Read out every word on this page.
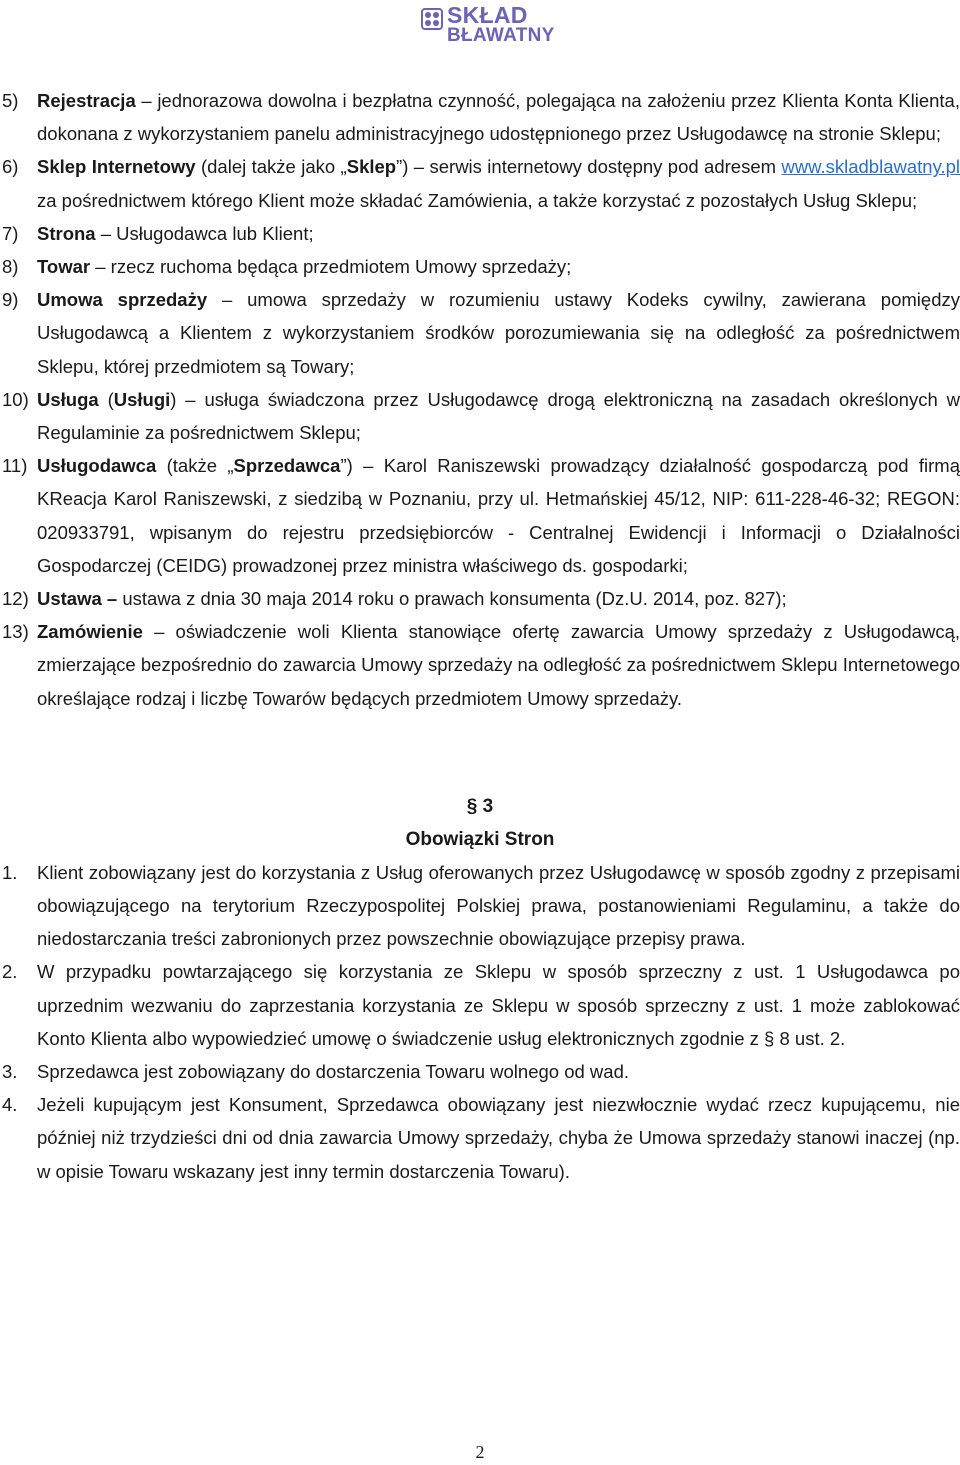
SKŁAD
BŁAWATNY
5) Rejestracja – jednorazowa dowolna i bezpłatna czynność, polegająca na założeniu przez Klienta Konta Klienta, dokonana z wykorzystaniem panelu administracyjnego udostępnionego przez Usługodawcę na stronie Sklepu;

6) Sklep Internetowy (dalej także jako „Sklep”) – serwis internetowy dostępny pod adresem www.skladblawatny.pl za pośrednictwem którego Klient może składać Zamówienia, a także korzystać z pozostałych Usług Sklepu;

7) Strona – Usługodawca lub Klient;

8) Towar – rzecz ruchoma będąca przedmiotem Umowy sprzedaży;

9) Umowa sprzedaży – umowa sprzedaży w rozumieniu ustawy Kodeks cywilny, zawierana pomiędzy Usługodawcą a Klientem z wykorzystaniem środków porozumiewania się na odległość za pośrednictwem Sklepu, której przedmiotem są Towary;

10) Usługa (Usługi) – usługa świadczona przez Usługodawcę drogą elektroniczną na zasadach określonych w Regulaminie za pośrednictwem Sklepu;

11) Usługodawca (także „Sprzedawca”) – Karol Raniszewski prowadzący działalność gospodarczą pod firmą KReacja Karol Raniszewski, z siedzibą w Poznaniu, przy ul. Hetmańskiej 45/12, NIP: 611-228-46-32; REGON: 020933791, wpisanym do rejestru przedsiębiorców - Centralnej Ewidencji i Informacji o Działalności Gospodarczej (CEIDG) prowadzonej przez ministra właściwego ds. gospodarki;

12) Ustawa – ustawa z dnia 30 maja 2014 roku o prawach konsumenta (Dz.U. 2014, poz. 827);

13) Zamówienie – oświadczenie woli Klienta stanowiące ofertę zawarcia Umowy sprzedaży z Usługodawcą, zmierzające bezpośrednio do zawarcia Umowy sprzedaży na odległość za pośrednictwem Sklepu Internetowego określające rodzaj i liczbę Towarów będących przedmiotem Umowy sprzedaży.

§ 3
Obowiązki Stron
1. Klient zobowiązany jest do korzystania z Usług oferowanych przez Usługodawcę w sposób zgodny z przepisami obowiązującego na terytorium Rzeczypospolitej Polskiej prawa, postanowieniami Regulaminu, a także do niedostarczania treści zabronionych przez powszechnie obowiązujące przepisy prawa.

2. W przypadku powtarzającego się korzystania ze Sklepu w sposób sprzeczny z ust. 1 Usługodawca po uprzednim wezwaniu do zaprzestania korzystania ze Sklepu w sposób sprzeczny z ust. 1 może zablokować Konto Klienta albo wypowiedzieć umowę o świadczenie usług elektronicznych zgodnie z § 8 ust. 2.

3. Sprzedawca jest zobowiązany do dostarczenia Towaru wolnego od wad.

4. Jeżeli kupującym jest Konsument, Sprzedawca obowiązany jest niezwłocznie wydać rzecz kupującemu, nie później niż trzydzieści dni od dnia zawarcia Umowy sprzedaży, chyba że Umowa sprzedaży stanowi inaczej (np. w opisie Towaru wskazany jest inny termin dostarczenia Towaru).

2
